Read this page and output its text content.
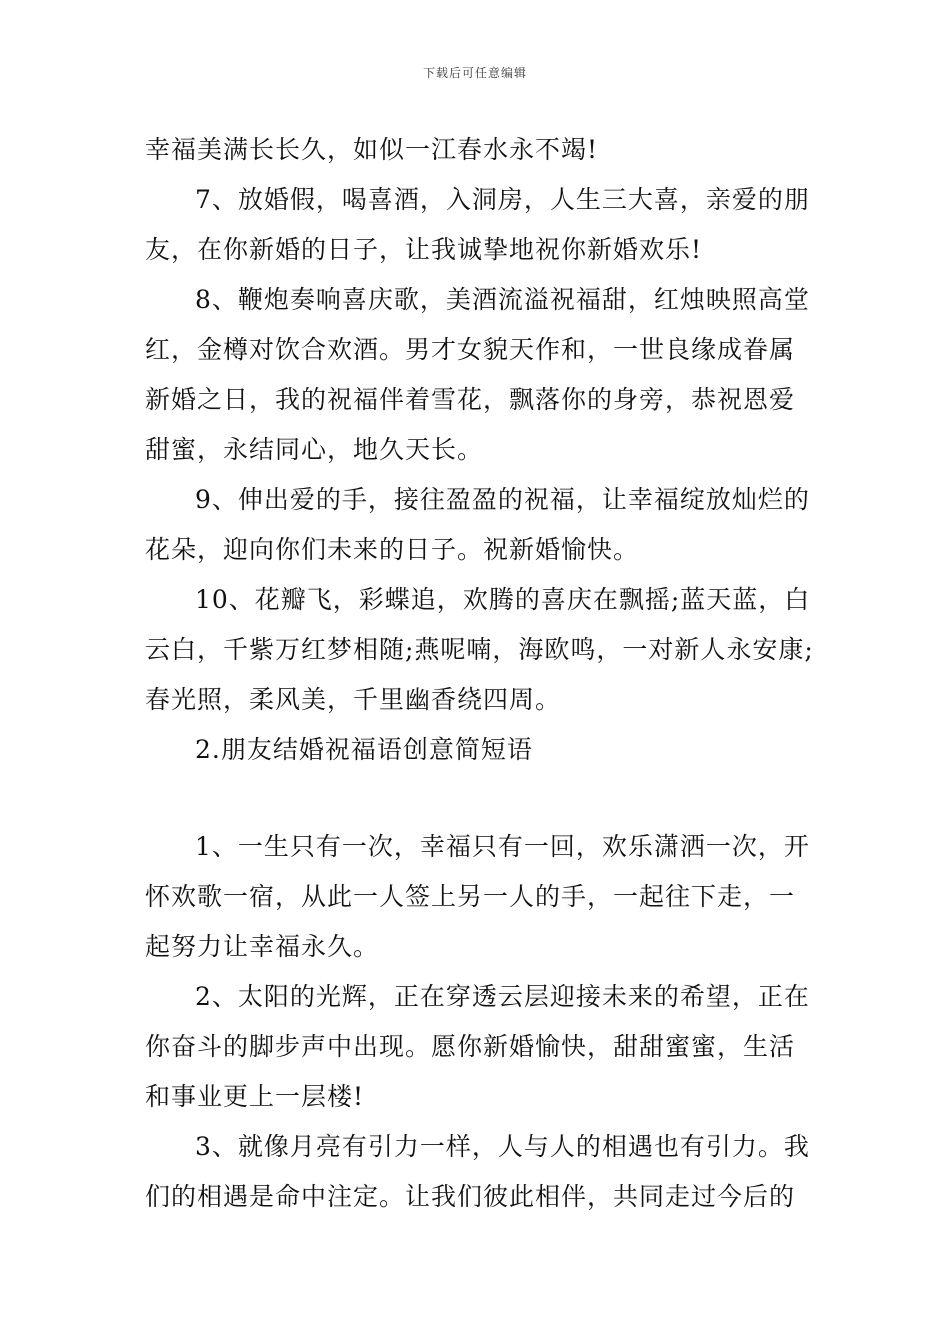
下载后可任意编辑
幸福美满长长久，如似一江春水永不竭!
7、放婚假，喝喜酒，入洞房，人生三大喜，亲爱的朋
友，在你新婚的日子，让我诚挚地祝你新婚欢乐!
8、鞭炮奏响喜庆歌，美酒流溢祝福甜，红烛映照高堂
红，金樽对饮合欢酒。男才女貌天作和，一世良缘成眷属
新婚之日，我的祝福伴着雪花，飘落你的身旁，恭祝恩爱
甜蜜，永结同心，地久天长。
9、伸出爱的手，接往盈盈的祝福，让幸福绽放灿烂的
花朵，迎向你们未来的日子。祝新婚愉快。
10、花瓣飞，彩蝶追，欢腾的喜庆在飘摇;蓝天蓝，白
云白，千紫万红梦相随;燕呢喃，海欧鸣，一对新人永安康;
春光照，柔风美，千里幽香绕四周。
2.朋友结婚祝福语创意简短语
1、一生只有一次，幸福只有一回，欢乐潇洒一次，开
怀欢歌一宿，从此一人签上另一人的手，一起往下走，一
起努力让幸福永久。
2、太阳的光辉，正在穿透云层迎接未来的希望，正在
你奋斗的脚步声中出现。愿你新婚愉快，甜甜蜜蜜，生活
和事业更上一层楼!
3、就像月亮有引力一样，人与人的相遇也有引力。我
们的相遇是命中注定。让我们彼此相伴，共同走过今后的
